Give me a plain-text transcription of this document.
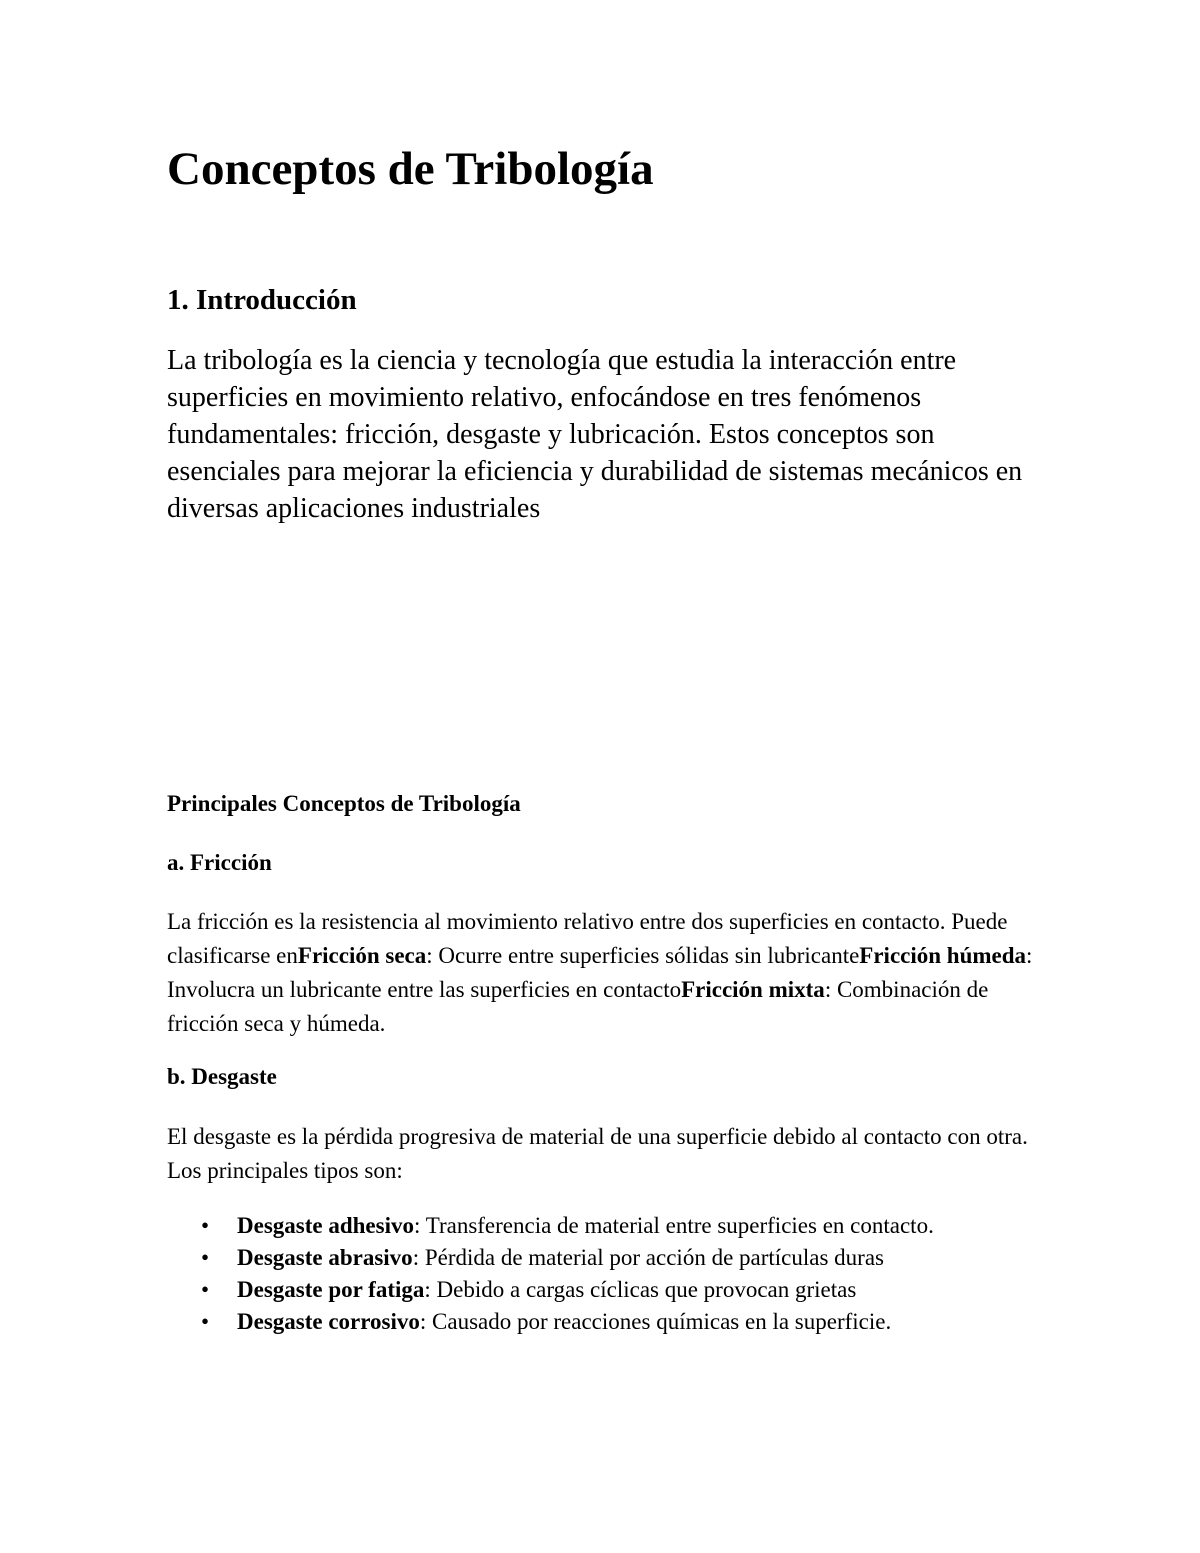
Conceptos de Tribología
1. Introducción

La tribología es la ciencia y tecnología que estudia la interacción entre superficies en movimiento relativo, enfocándose en tres fenómenos fundamentales: fricción, desgaste y lubricación. Estos conceptos son esenciales para mejorar la eficiencia y durabilidad de sistemas mecánicos en diversas aplicaciones industriales

Principales Conceptos de Tribología
a. Fricción

La fricción es la resistencia al movimiento relativo entre dos superficies en contacto. Puede clasificarse enFricción seca: Ocurre entre superficies sólidas sin lubricanteFricción húmeda: Involucra un lubricante entre las superficies en contactoFricción mixta: Combinación de fricción seca y húmeda.

b. Desgaste

El desgaste es la pérdida progresiva de material de una superficie debido al contacto con otra. Los principales tipos son:

• Desgaste adhesivo: Transferencia de material entre superficies en contacto.
• Desgaste abrasivo: Pérdida de material por acción de partículas duras
• Desgaste por fatiga: Debido a cargas cíclicas que provocan grietas
• Desgaste corrosivo: Causado por reacciones químicas en la superficie.
